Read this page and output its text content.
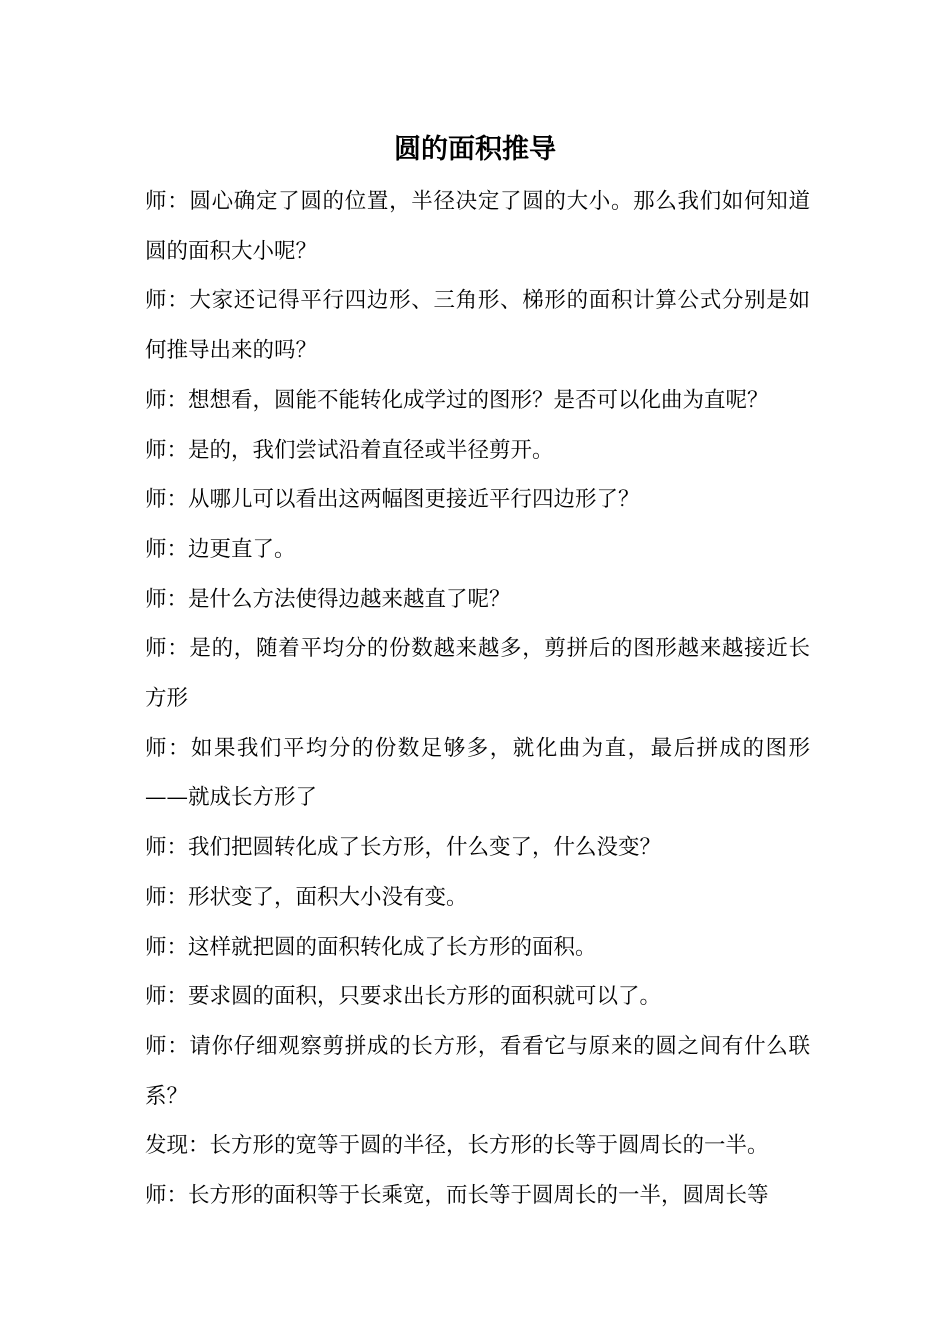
圆的面积推导

师：圆心确定了圆的位置，半径决定了圆的大小。那么我们如何知道圆的面积大小呢？

师：大家还记得平行四边形、三角形、梯形的面积计算公式分别是如何推导出来的吗？

师：想想看，圆能不能转化成学过的图形？是否可以化曲为直呢？

师：是的，我们尝试沿着直径或半径剪开。

师：从哪儿可以看出这两幅图更接近平行四边形了？

师：边更直了。

师：是什么方法使得边越来越直了呢？

师：是的，随着平均分的份数越来越多，剪拼后的图形越来越接近长方形

师：如果我们平均分的份数足够多，就化曲为直，最后拼成的图形——就成长方形了

师：我们把圆转化成了长方形，什么变了，什么没变？

师：形状变了，面积大小没有变。

师：这样就把圆的面积转化成了长方形的面积。

师：要求圆的面积，只要求出长方形的面积就可以了。

师：请你仔细观察剪拼成的长方形，看看它与原来的圆之间有什么联系？

发现：长方形的宽等于圆的半径，长方形的长等于圆周长的一半。

师：长方形的面积等于长乘宽，而长等于圆周长的一半，圆周长等
